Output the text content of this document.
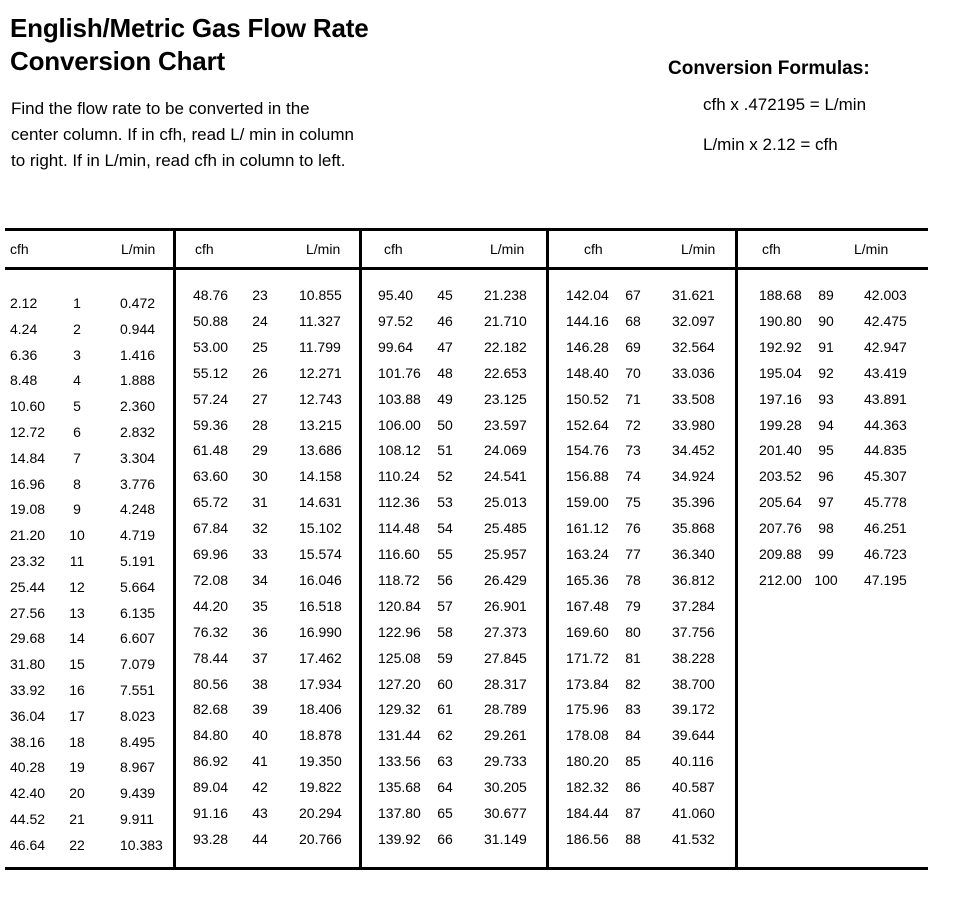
English/Metric Gas Flow Rate
Conversion Chart
Find the flow rate to be converted in the center column. If in cfh, read L/ min in column to right. If in L/min, read cfh in column to left.
Conversion Formulas:
cfh x .472195 = L/min
L/min x 2.12 = cfh
cfh	L/min
2.12	1	0.472
4.24	2	0.944
6.36	3	1.416
8.48	4	1.888
10.60	5	2.360
12.72	6	2.832
14.84	7	3.304
16.96	8	3.776
19.08	9	4.248
21.20	10	4.719
23.32	11	5.191
25.44	12	5.664
27.56	13	6.135
29.68	14	6.607
31.80	15	7.079
33.92	16	7.551
36.04	17	8.023
38.16	18	8.495
40.28	19	8.967
42.40	20	9.439
44.52	21	9.911
46.64	22	10.383
cfh	L/min
48.76	23	10.855
50.88	24	11.327
53.00	25	11.799
55.12	26	12.271
57.24	27	12.743
59.36	28	13.215
61.48	29	13.686
63.60	30	14.158
65.72	31	14.631
67.84	32	15.102
69.96	33	15.574
72.08	34	16.046
44.20	35	16.518
76.32	36	16.990
78.44	37	17.462
80.56	38	17.934
82.68	39	18.406
84.80	40	18.878
86.92	41	19.350
89.04	42	19.822
91.16	43	20.294
93.28	44	20.766
cfh	L/min
95.40	45	21.238
97.52	46	21.710
99.64	47	22.182
101.76	48	22.653
103.88	49	23.125
106.00	50	23.597
108.12	51	24.069
110.24	52	24.541
112.36	53	25.013
114.48	54	25.485
116.60	55	25.957
118.72	56	26.429
120.84	57	26.901
122.96	58	27.373
125.08	59	27.845
127.20	60	28.317
129.32	61	28.789
131.44	62	29.261
133.56	63	29.733
135.68	64	30.205
137.80	65	30.677
139.92	66	31.149
cfh	L/min
142.04	67	31.621
144.16	68	32.097
146.28	69	32.564
148.40	70	33.036
150.52	71	33.508
152.64	72	33.980
154.76	73	34.452
156.88	74	34.924
159.00	75	35.396
161.12	76	35.868
163.24	77	36.340
165.36	78	36.812
167.48	79	37.284
169.60	80	37.756
171.72	81	38.228
173.84	82	38.700
175.96	83	39.172
178.08	84	39.644
180.20	85	40.116
182.32	86	40.587
184.44	87	41.060
186.56	88	41.532
cfh	L/min
188.68	89	42.003
190.80	90	42.475
192.92	91	42.947
195.04	92	43.419
197.16	93	43.891
199.28	94	44.363
201.40	95	44.835
203.52	96	45.307
205.64	97	45.778
207.76	98	46.251
209.88	99	46.723
212.00 100 47.195
